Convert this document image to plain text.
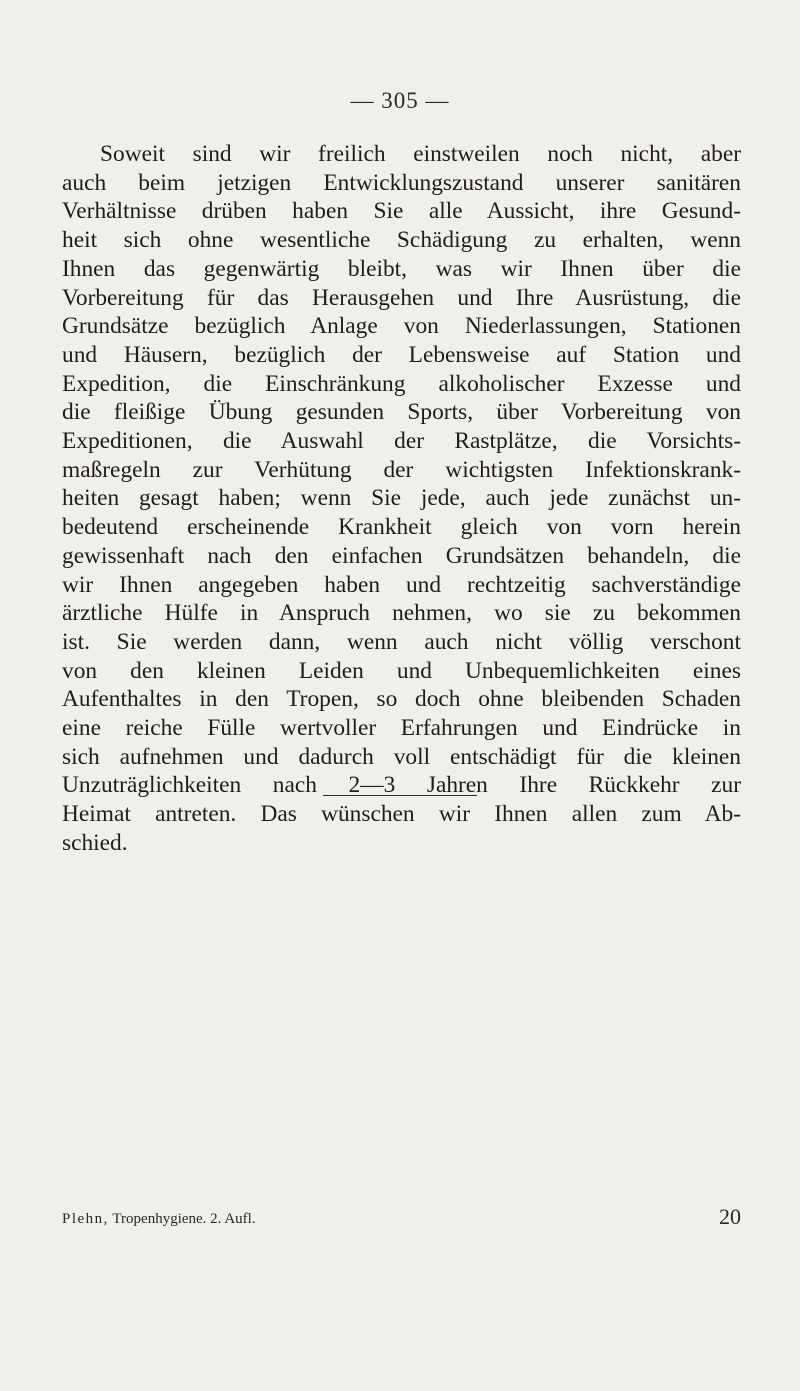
— 305 —
Soweit sind wir freilich einstweilen noch nicht, aber
auch beim jetzigen Entwicklungszustand unserer sanitären
Verhältnisse drüben haben Sie alle Aussicht, ihre Gesund-
heit sich ohne wesentliche Schädigung zu erhalten, wenn
Ihnen das gegenwärtig bleibt, was wir Ihnen über die
Vorbereitung für das Herausgehen und Ihre Ausrüstung, die
Grundsätze bezüglich Anlage von Niederlassungen, Stationen
und Häusern, bezüglich der Lebensweise auf Station und
Expedition, die Einschränkung alkoholischer Exzesse und
die fleißige Übung gesunden Sports, über Vorbereitung von
Expeditionen, die Auswahl der Rastplätze, die Vorsichts-
maßregeln zur Verhütung der wichtigsten Infektionskrank-
heiten gesagt haben; wenn Sie jede, auch jede zunächst un-
bedeutend erscheinende Krankheit gleich von vorn herein
gewissenhaft nach den einfachen Grundsätzen behandeln, die
wir Ihnen angegeben haben und rechtzeitig sachverständige
ärztliche Hülfe in Anspruch nehmen, wo sie zu bekommen
ist. Sie werden dann, wenn auch nicht völlig verschont
von den kleinen Leiden und Unbequemlichkeiten eines
Aufenthaltes in den Tropen, so doch ohne bleibenden Schaden
eine reiche Fülle wertvoller Erfahrungen und Eindrücke in
sich aufnehmen und dadurch voll entschädigt für die kleinen
Unzuträglichkeiten nach 2—3 Jahren Ihre Rückkehr zur
Heimat antreten. Das wünschen wir Ihnen allen zum Ab-
schied.
Plehn, Tropenhygiene. 2. Aufl.	20
